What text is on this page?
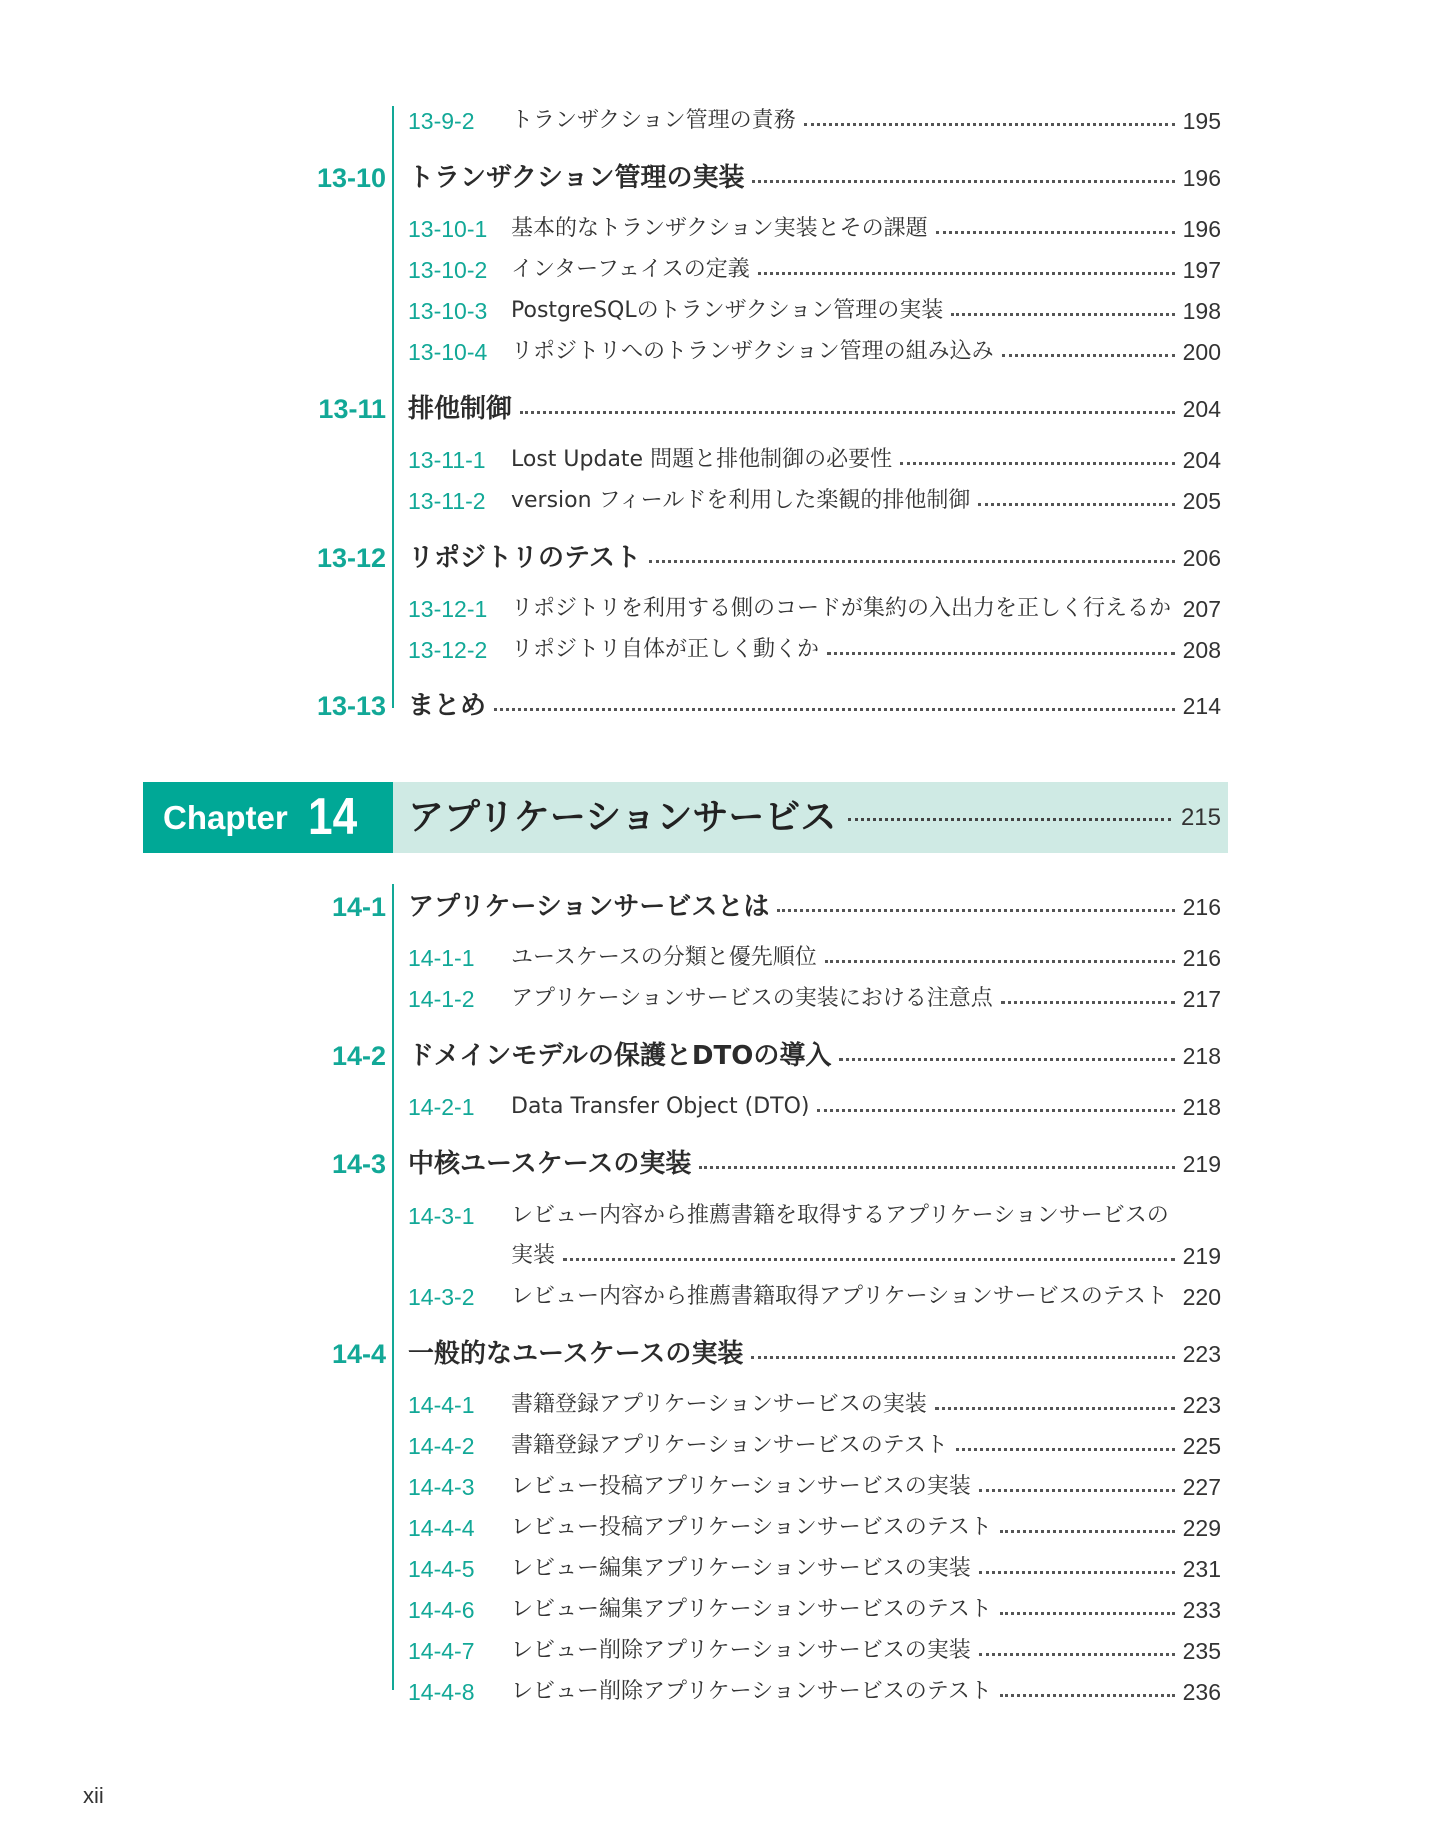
13-9-2 トランザクション管理の責務	195
13-10 トランザクション管理の実装	196
13-10-1 基本的なトランザクション実装とその課題	196
13-10-2 インターフェイスの定義	197
13-10-3 PostgreSQLのトランザクション管理の実装	198
13-10-4 リポジトリへのトランザクション管理の組み込み	200
13-11 排他制御	204
13-11-1 Lost Update 問題と排他制御の必要性	204
13-11-2 version フィールドを利用した楽観的排他制御	205
13-12 リポジトリのテスト	206
13-12-1 リポジトリを利用する側のコードが集約の入出力を正しく行えるか 207
13-12-2 リポジトリ自体が正しく動くか	208
13-13 まとめ	214
Chapter 14 アプリケーションサービス	215
14-1 アプリケーションサービスとは	216
14-1-1 ユースケースの分類と優先順位	216
14-1-2 アプリケーションサービスの実装における注意点	217
14-2 ドメインモデルの保護とDTOの導入	218
14-2-1 Data Transfer Object (DTO)	218
14-3 中核ユースケースの実装	219
14-3-1 レビュー内容から推薦書籍を取得するアプリケーションサービスの
実装	219
14-3-2 レビュー内容から推薦書籍取得アプリケーションサービスのテスト 220
14-4 一般的なユースケースの実装	223
14-4-1 書籍登録アプリケーションサービスの実装	223
14-4-2 書籍登録アプリケーションサービスのテスト	225
14-4-3 レビュー投稿アプリケーションサービスの実装	227
14-4-4 レビュー投稿アプリケーションサービスのテスト	229
14-4-5 レビュー編集アプリケーションサービスの実装	231
14-4-6 レビュー編集アプリケーションサービスのテスト	233
14-4-7 レビュー削除アプリケーションサービスの実装	235
14-4-8 レビュー削除アプリケーションサービスのテスト	236
xii
